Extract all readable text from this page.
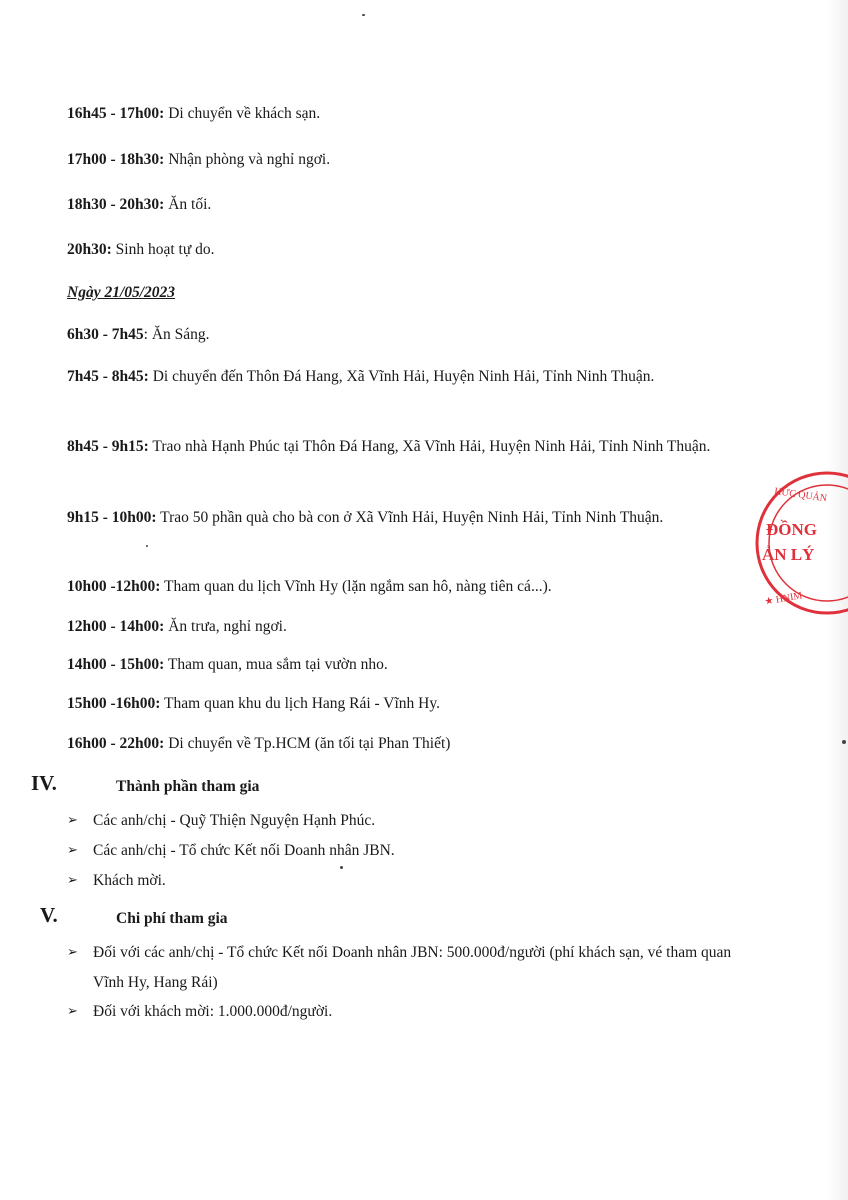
16h45 - 17h00: Di chuyển về khách sạn.
17h00 - 18h30: Nhận phòng và nghỉ ngơi.
18h30 - 20h30: Ăn tối.
20h30: Sinh hoạt tự do.
Ngày 21/05/2023
6h30 - 7h45: Ăn Sáng.
7h45 - 8h45: Di chuyển đến Thôn Đá Hang, Xã Vĩnh Hải, Huyện Ninh Hải, Tỉnh Ninh Thuận.
8h45 - 9h15: Trao nhà Hạnh Phúc tại Thôn Đá Hang, Xã Vĩnh Hải, Huyện Ninh Hải, Tỉnh Ninh Thuận.
9h15 - 10h00: Trao 50 phần quà cho bà con ở Xã Vĩnh Hải, Huyện Ninh Hải, Tỉnh Ninh Thuận.
10h00 -12h00: Tham quan du lịch Vĩnh Hy (lặn ngắm san hô, nàng tiên cá...).
12h00 - 14h00: Ăn trưa, nghỉ ngơi.
14h00 - 15h00: Tham quan, mua sắm tại vườn nho.
15h00 -16h00: Tham quan khu du lịch Hang Rái - Vĩnh Hy.
16h00 - 22h00: Di chuyển về Tp.HCM (ăn tối tại Phan Thiết)
IV.	Thành phần tham gia
➢ Các anh/chị - Quỹ Thiện Nguyện Hạnh Phúc.
➢ Các anh/chị - Tổ chức Kết nối Doanh nhân JBN.
➢ Khách mời.
V.	Chi phí tham gia
➢ Đối với các anh/chị - Tổ chức Kết nối Doanh nhân JBN: 500.000đ/người (phí khách sạn, vé tham quan Vĩnh Hy, Hang Rái)
➢ Đối với khách mời: 1.000.000đ/người.
HỨC QUẢN
ĐỒNG
ẢN LÝ
★ HNIM
